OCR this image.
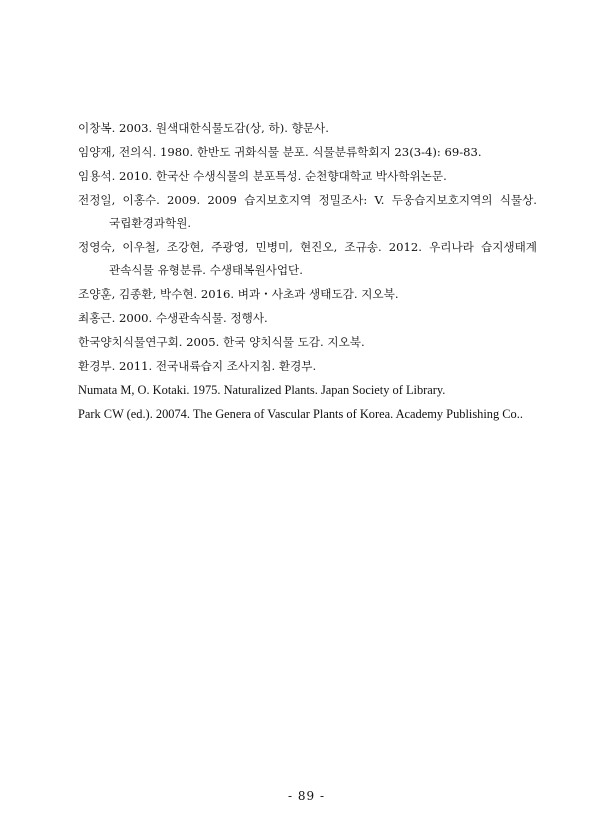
이창복. 2003. 원색대한식물도감(상, 하). 향문사.
임양재, 전의식. 1980. 한반도 귀화식물 분포. 식물분류학회지 23(3-4): 69-83.
임용석. 2010. 한국산 수생식물의 분포특성. 순천향대학교 박사학위논문.
전정일, 이홍수. 2009. 2009 습지보호지역 정밀조사: V. 두웅습지보호지역의 식물상.
국립환경과학원.
정영숙, 이우철, 조강현, 주광영, 민병미, 현진오, 조규송. 2012. 우리나라 습지생태계
관속식물 유형분류. 수생태복원사업단.
조양훈, 김종환, 박수현. 2016. 벼과・사초과 생태도감. 지오북.
최홍근. 2000. 수생관속식물. 정행사.
한국양치식물연구회. 2005. 한국 양치식물 도감. 지오북.
환경부. 2011. 전국내륙습지 조사지침. 환경부.
Numata M, O. Kotaki. 1975. Naturalized Plants. Japan Society of Library.
Park CW (ed.). 20074. The Genera of Vascular Plants of Korea. Academy Publishing Co..
- 89 -
